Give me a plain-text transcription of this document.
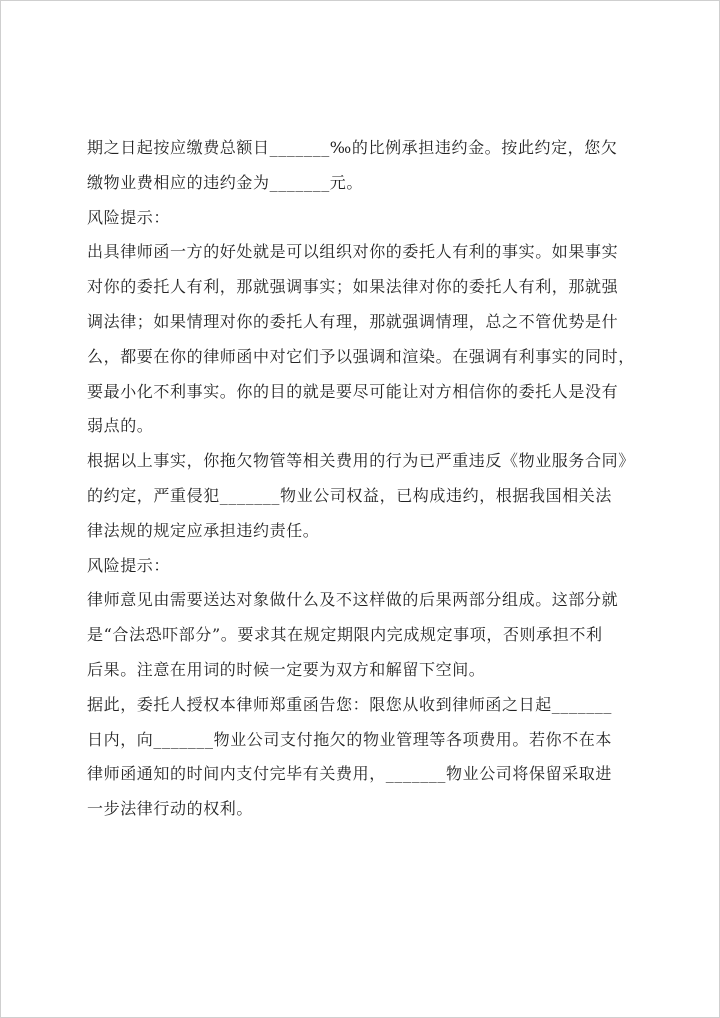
期之日起按应缴费总额日_______‰的比例承担违约金。按此约定，您欠
缴物业费相应的违约金为_______元。
风险提示：
出具律师函一方的好处就是可以组织对你的委托人有利的事实。如果事实
对你的委托人有利，那就强调事实；如果法律对你的委托人有利，那就强
调法律；如果情理对你的委托人有理，那就强调情理，总之不管优势是什
么，都要在你的律师函中对它们予以强调和渲染。在强调有利事实的同时，
要最小化不利事实。你的目的就是要尽可能让对方相信你的委托人是没有
弱点的。
根据以上事实，你拖欠物管等相关费用的行为已严重违反《物业服务合同》
的约定，严重侵犯_______物业公司权益，已构成违约，根据我国相关法
律法规的规定应承担违约责任。
风险提示：
律师意见由需要送达对象做什么及不这样做的后果两部分组成。这部分就
是“合法恐吓部分”。要求其在规定期限内完成规定事项，否则承担不利
后果。注意在用词的时候一定要为双方和解留下空间。
据此，委托人授权本律师郑重函告您：限您从收到律师函之日起_______
日内，向_______物业公司支付拖欠的物业管理等各项费用。若你不在本
律师函通知的时间内支付完毕有关费用，_______物业公司将保留采取进
一步法律行动的权利。
